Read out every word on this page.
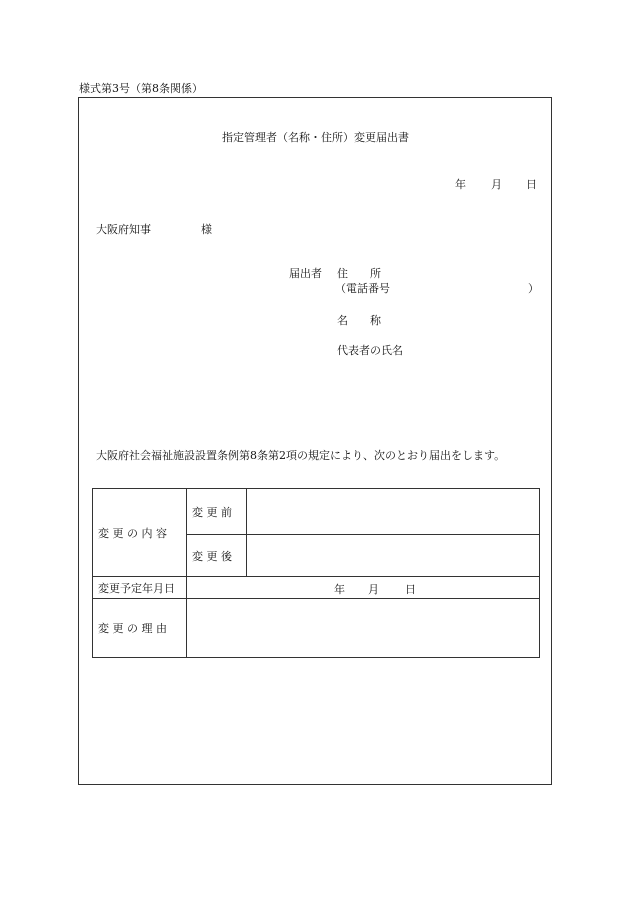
様式第3号（第8条関係）
指定管理者（名称・住所）変更届出書
年 月 日
大阪府知事	様
届出者 住　　所
（電話番号	）
名　　称
代表者の氏名
大阪府社会福祉施設設置条例第8条第2項の規定により、次のとおり届出をします。
変 更 の 内 容	変 更 前	
	変 更 後	
変更予定年月日	年 月 日	

変 更 の 理 由		
